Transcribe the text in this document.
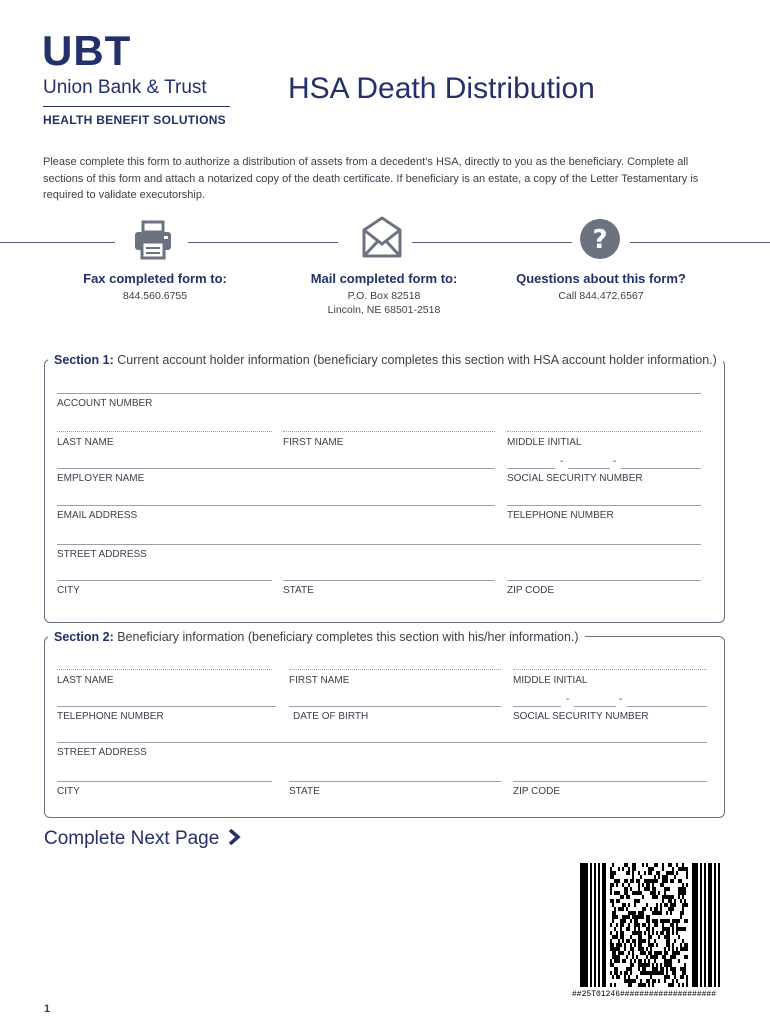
UBT
Union Bank & Trust
HEALTH BENEFIT SOLUTIONS
HSA Death Distribution
Please complete this form to authorize a distribution of assets from a decedent’s HSA, directly to you as the beneficiary. Complete all sections of this form and attach a notarized copy of the death certificate. If beneficiary is an estate, a copy of the Letter Testamentary is required to validate executorship.
?
Fax completed form to:
844.560.6755
Mail completed form to:
P.O. Box 82518
Lincoln, NE 68501-2518
Questions about this form?
Call 844.472.6567
Section 1: Current account holder information (beneficiary completes this section with HSA account holder information.)
ACCOUNT NUMBER
LAST NAME	FIRST NAME	MIDDLE INITIAL
-	-
EMPLOYER NAME	SOCIAL SECURITY NUMBER
EMAIL ADDRESS	TELEPHONE NUMBER
STREET ADDRESS
CITY	STATE	ZIP CODE
Section 2: Beneficiary information (beneficiary completes this section with his/her information.)
LAST NAME	FIRST NAME	MIDDLE INITIAL
-	-
TELEPHONE NUMBER	DATE OF BIRTH	SOCIAL SECURITY NUMBER
STREET ADDRESS
CITY	STATE	ZIP CODE
Complete Next Page
##25T01246####################
1
